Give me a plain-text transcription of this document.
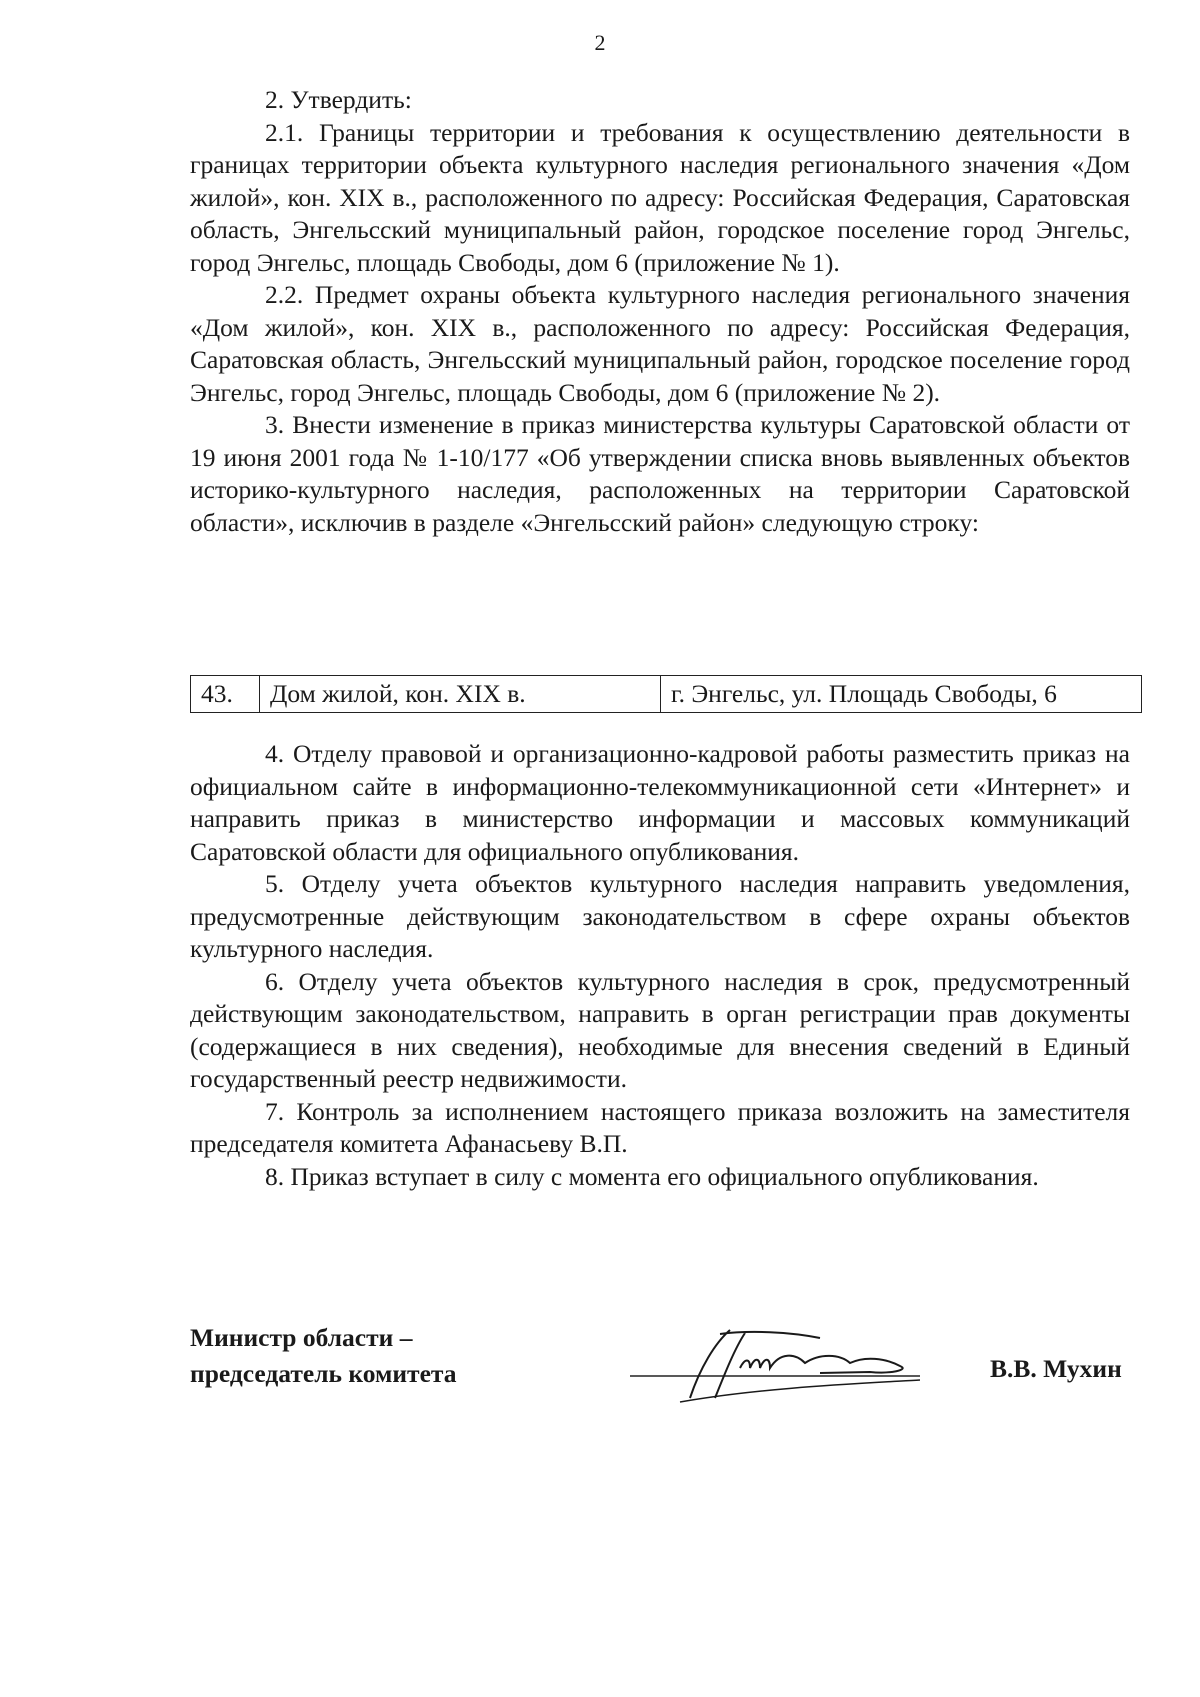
2

2. Утвердить:

2.1. Границы территории и требования к осуществлению деятельности в границах территории объекта культурного наследия регионального значения «Дом жилой», кон. XIX в., расположенного по адресу: Российская Федерация, Саратовская область, Энгельсский муниципальный район, городское поселение город Энгельс, город Энгельс, площадь Свободы, дом 6 (приложение № 1).

2.2. Предмет охраны объекта культурного наследия регионального значения «Дом жилой», кон. XIX в., расположенного по адресу: Российская Федерация, Саратовская область, Энгельсский муниципальный район, городское поселение город Энгельс, город Энгельс, площадь Свободы, дом 6 (приложение № 2).

3. Внести изменение в приказ министерства культуры Саратовской области от 19 июня 2001 года № 1-10/177 «Об утверждении списка вновь выявленных объектов историко-культурного наследия, расположенных на территории Саратовской области», исключив в разделе «Энгельсский район» следующую строку:

43.	Дом жилой, кон. XIX в.	г. Энгельс, ул. Площадь Свободы, 6

4. Отделу правовой и организационно-кадровой работы разместить приказ на официальном сайте в информационно-телекоммуникационной сети «Интернет» и направить приказ в министерство информации и массовых коммуникаций Саратовской области для официального опубликования.

5. Отделу учета объектов культурного наследия направить уведомления, предусмотренные действующим законодательством в сфере охраны объектов культурного наследия.

6. Отделу учета объектов культурного наследия в срок, предусмотренный действующим законодательством, направить в орган регистрации прав документы (содержащиеся в них сведения), необходимые для внесения сведений в Единый государственный реестр недвижимости.

7. Контроль за исполнением настоящего приказа возложить на заместителя председателя комитета Афанасьеву В.П.

8. Приказ вступает в силу с момента его официального опубликования.

Министр области –
председатель комитета	В.В. Мухин
